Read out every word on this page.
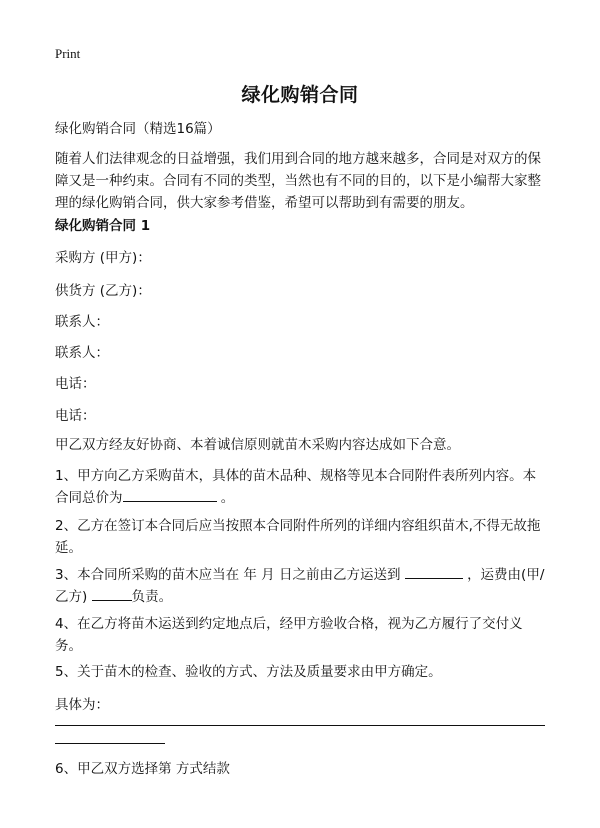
Print
绿化购销合同
绿化购销合同（精选16篇）
随着人们法律观念的日益增强，我们用到合同的地方越来越多，合同是对双方的保障又是一种约束。合同有不同的类型，当然也有不同的目的，以下是小编帮大家整理的绿化购销合同，供大家参考借鉴，希望可以帮助到有需要的朋友。
绿化购销合同 1
采购方 (甲方)：
供货方 (乙方)：
联系人：
联系人：
电话：
电话：
甲乙双方经友好协商、本着诚信原则就苗木采购内容达成如下合意。
1、甲方向乙方采购苗木，具体的苗木品种、规格等见本合同附件表所列内容。本合同总价为	。
2、乙方在签订本合同后应当按照本合同附件所列的详细内容组织苗木,不得无故拖延。
3、本合同所采购的苗木应当在 年 月 日之前由乙方运送到	，运费由(甲/乙方)	负责。
4、在乙方将苗木运送到约定地点后，经甲方验收合格，视为乙方履行了交付义务。
5、关于苗木的检查、验收的方式、方法及质量要求由甲方确定。
具体为：
6、甲乙双方选择第 方式结款
